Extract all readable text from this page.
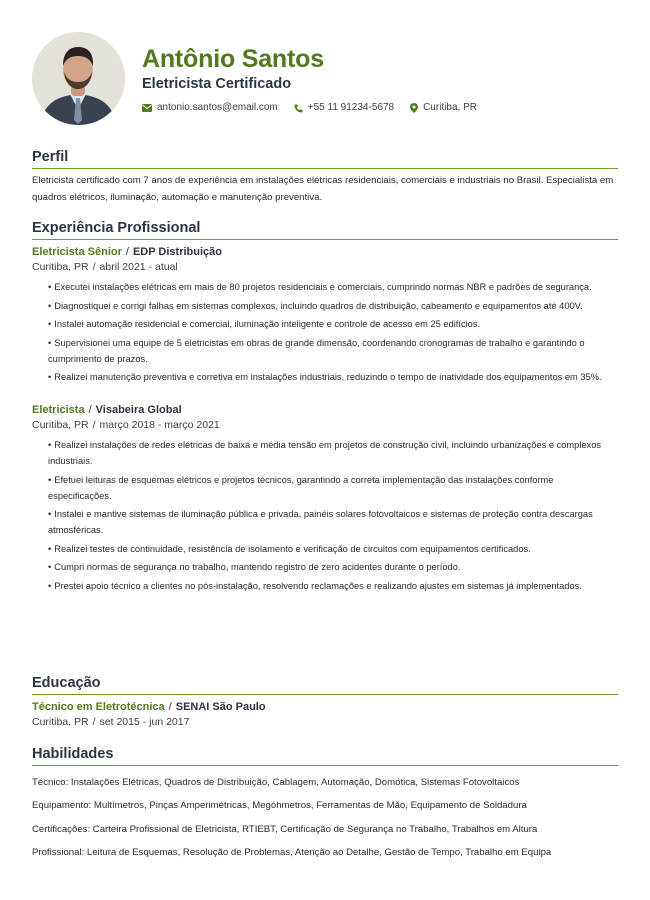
Antônio Santos
Eletricista Certificado
antonio.santos@email.com	+55 11 91234-5678	Curitiba, PR
Perfil
Eletricista certificado com 7 anos de experiência em instalações elétricas residenciais, comerciais e industriais no Brasil. Especialista em quadros elétricos, iluminação, automação e manutenção preventiva.
Experiência Profissional
Eletricista Sênior / EDP Distribuição
Curitiba, PR / abril 2021 - atual
• Executei instalações elétricas em mais de 80 projetos residenciais e comerciais, cumprindo normas NBR e padrões de segurança.
• Diagnostiquei e corrigi falhas em sistemas complexos, incluindo quadros de distribuição, cabeamento e equipamentos até 400V.
• Instalei automação residencial e comercial, iluminação inteligente e controle de acesso em 25 edifícios.
• Supervisionei uma equipe de 5 eletricistas em obras de grande dimensão, coordenando cronogramas de trabalho e garantindo o cumprimento de prazos.
• Realizei manutenção preventiva e corretiva em instalações industriais, reduzindo o tempo de inatividade dos equipamentos em 35%.
Eletricista / Visabeira Global
Curitiba, PR / março 2018 - março 2021
• Realizei instalações de redes elétricas de baixa e média tensão em projetos de construção civil, incluindo urbanizações e complexos industriais.
• Efetuei leituras de esquemas elétricos e projetos técnicos, garantindo a correta implementação das instalações conforme especificações.
• Instalei e mantive sistemas de iluminação pública e privada, painéis solares fotovoltaicos e sistemas de proteção contra descargas atmosféricas.
• Realizei testes de continuidade, resistência de isolamento e verificação de circuitos com equipamentos certificados.
• Cumpri normas de segurança no trabalho, mantendo registro de zero acidentes durante o período.
• Prestei apoio técnico a clientes no pós-instalação, resolvendo reclamações e realizando ajustes em sistemas já implementados.
Educação
Técnico em Eletrotécnica / SENAI São Paulo
Curitiba, PR / set 2015 - jun 2017
Habilidades
Técnico: Instalações Elétricas, Quadros de Distribuição, Cablagem, Automação, Domótica, Sistemas Fotovoltaicos
Equipamento: Multímetros, Pinças Amperimétricas, Megóhmetros, Ferramentas de Mão, Equipamento de Soldadura
Certificações: Carteira Profissional de Eletricista, RTIEBT, Certificação de Segurança no Trabalho, Trabalhos em Altura
Profissional: Leitura de Esquemas, Resolução de Problemas, Atenção ao Detalhe, Gestão de Tempo, Trabalho em Equipa
